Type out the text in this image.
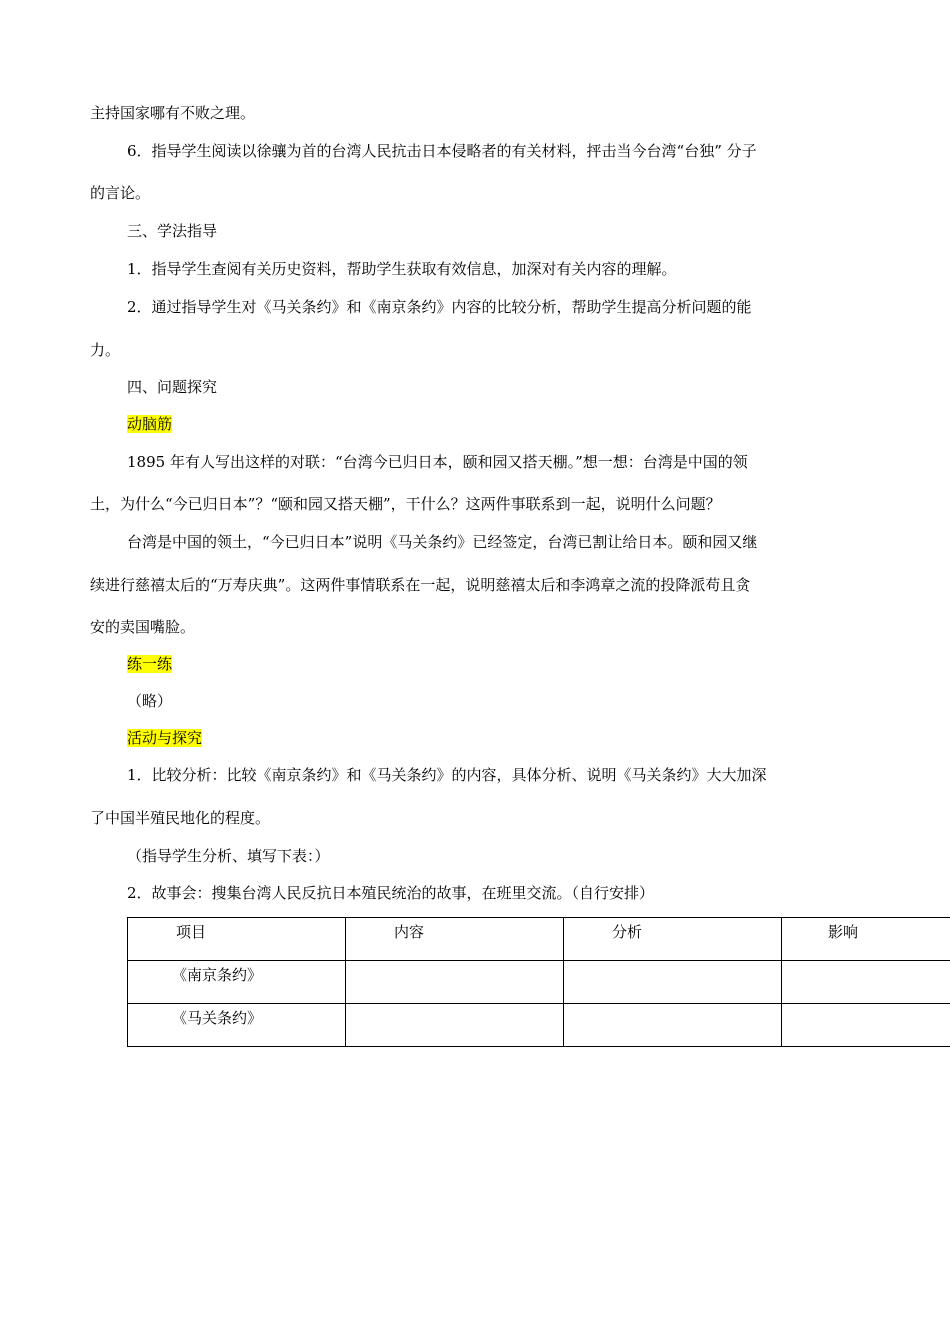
主持国家哪有不败之理。
6．指导学生阅读以徐骧为首的台湾人民抗击日本侵略者的有关材料，抨击当今台湾“台独” 分子
的言论。
三、学法指导
1．指导学生查阅有关历史资料，帮助学生获取有效信息，加深对有关内容的理解。
2．通过指导学生对《马关条约》和《南京条约》内容的比较分析，帮助学生提高分析问题的能
力。
四、问题探究
动脑筋
1895 年有人写出这样的对联：“台湾今已归日本，颐和园又搭天棚。”想一想：台湾是中国的领
土，为什么“今已归日本”？“颐和园又搭天棚”，干什么？这两件事联系到一起，说明什么问题？
台湾是中国的领土，“今已归日本”说明《马关条约》已经签定，台湾已割让给日本。颐和园又继
续进行慈禧太后的“万寿庆典”。这两件事情联系在一起，说明慈禧太后和李鸿章之流的投降派苟且贪
安的卖国嘴脸。
练一练
（略）
活动与探究
1．比较分析：比较《南京条约》和《马关条约》的内容，具体分析、说明《马关条约》大大加深
了中国半殖民地化的程度。
（指导学生分析、填写下表：）
2．故事会：搜集台湾人民反抗日本殖民统治的故事，在班里交流。（自行安排）
项目	内容	分析	影响
《南京条约》			
《马关条约》			
